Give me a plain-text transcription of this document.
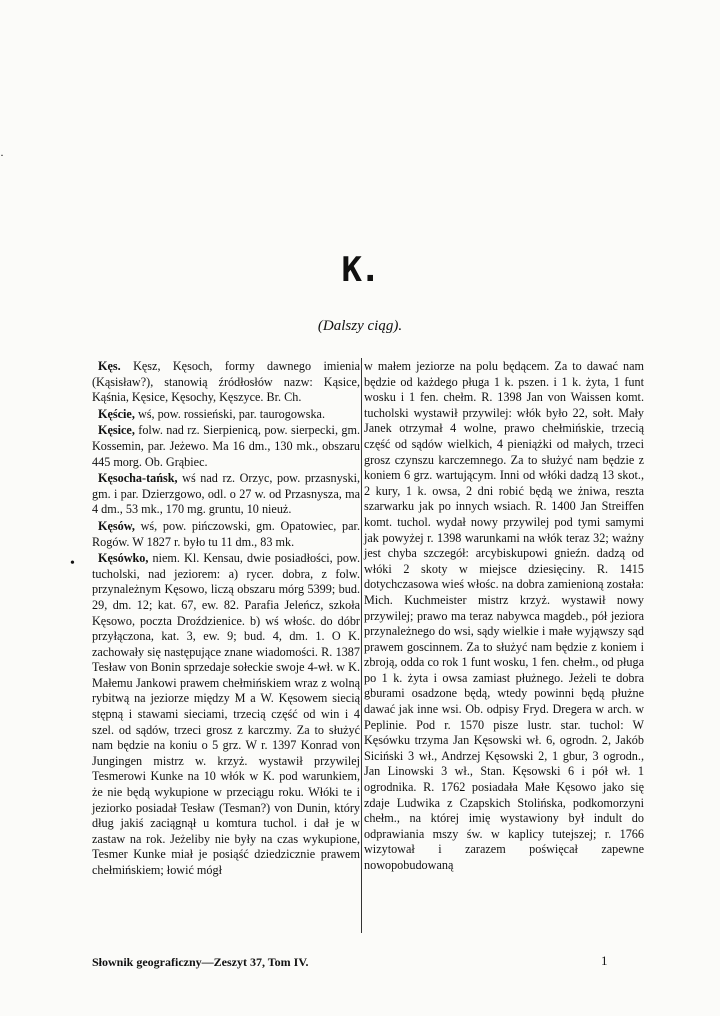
·
K.
(Dalszy ciąg).

Kęs. Kęsz, Kęsoch, formy dawnego imienia (Kąsisław?), stanowią źródłosłów nazw: Kąsice, Kąśnia, Kęsice, Kęsochy, Kęszyce. Br. Ch.

Kęście, wś, pow. rossieński, par. taurogowska.

Kęsice, folw. nad rz. Sierpienicą, pow. sierpecki, gm. Kossemin, par. Jeżewo. Ma 16 dm., 130 mk., obszaru 445 morg. Ob. Grąbiec.

Kęsocha-tańsk, wś nad rz. Orzyc, pow. przasnyski, gm. i par. Dzierzgowo, odl. o 27 w. od Przasnysza, ma 4 dm., 53 mk., 170 mg. gruntu, 10 nieuż.

Kęsów, wś, pow. pińczowski, gm. Opatowiec, par. Rogów. W 1827 r. było tu 11 dm., 83 mk.

Kęsówko, niem. Kl. Kensau, dwie posiadłości, pow. tucholski, nad jeziorem: a) rycer. dobra, z folw. przynależnym Kęsowo, liczą obszaru mórg 5399; bud. 29, dm. 12; kat. 67, ew. 82. Parafia Jeleńcz, szkoła Kęsowo, poczta Droździenice. b) wś włośc. do dóbr przyłączona, kat. 3, ew. 9; bud. 4, dm. 1. O K. zachowały się następujące znane wiadomości. R. 1387 Tesław von Bonin sprzedaje sołeckie swoje 4-wł. w K. Małemu Jankowi prawem chełmińskiem wraz z wolną rybitwą na jeziorze między M a W. Kęsowem siecią stępną i stawami sieciami, trzecią część od win i 4 szel. od sądów, trzeci grosz z karczmy. Za to służyć nam będzie na koniu o 5 grz. W r. 1397 Konrad von Jungingen mistrz w. krzyż. wystawił przywilej Tesmerowi Kunke na 10 włók w K. pod warunkiem, że nie będą wykupione w przeciągu roku. Włóki te i jeziorko posiadał Tesław (Tesman?) von Dunin, który dług jakiś zaciągnął u komtura tuchol. i dał je w zastaw na rok. Jeżeliby nie były na czas wykupione, Tesmer Kunke miał je posiąść dziedzicznie prawem chełmińskiem; łowić mógł

•

w małem jeziorze na polu będącem. Za to dawać nam będzie od każdego pługa 1 k. pszen. i 1 k. żyta, 1 funt wosku i 1 fen. chełm. R. 1398 Jan von Waissen komt. tucholski wystawił przywilej: włók było 22, sołt. Mały Janek otrzymał 4 wolne, prawo chełmińskie, trzecią część od sądów wielkich, 4 pieniążki od małych, trzeci grosz czynszu karczemnego. Za to służyć nam będzie z koniem 6 grz. wartującym. Inni od włóki dadzą 13 skot., 2 kury, 1 k. owsa, 2 dni robić będą we żniwa, reszta szarwarku jak po innych wsiach. R. 1400 Jan Streiffen komt. tuchol. wydał nowy przywilej pod tymi samymi jak powyżej r. 1398 warunkami na włók teraz 32; ważny jest chyba szczegół: arcybiskupowi gnieźn. dadzą od włóki 2 skoty w miejsce dziesięciny. R. 1415 dotychczasowa wieś włośc. na dobra zamienioną została: Mich. Kuchmeister mistrz krzyż. wystawił nowy przywilej; prawo ma teraz nabywca magdeb., pół jeziora przynależnego do wsi, sądy wielkie i małe wyjąwszy sąd prawem goscinnem. Za to służyć nam będzie z koniem i zbroją, odda co rok 1 funt wosku, 1 fen. chełm., od pługa po 1 k. żyta i owsa zamiast płużnego. Jeżeli te dobra gburami osadzone będą, wtedy powinni będą płużne dawać jak inne wsi. Ob. odpisy Fryd. Dregera w arch. w Peplinie. Pod r. 1570 pisze lustr. star. tuchol: W Kęsówku trzyma Jan Kęsowski wł. 6, ogrodn. 2, Jakób Siciński 3 wł., Andrzej Kęsowski 2, 1 gbur, 3 ogrodn., Jan Linowski 3 wł., Stan. Kęsowski 6 i pół wł. 1 ogrodnika. R. 1762 posiadała Małe Kęsowo jako się zdaje Ludwika z Czapskich Stolińska, podkomorzyni chełm., na której imię wystawiony był indult do odprawiania mszy św. w kaplicy tutejszej; r. 1766 wizytował i zarazem poświęcał zapewne nowopobudowaną

Słownik geograficzny—Zeszyt 37, Tom IV.	1
